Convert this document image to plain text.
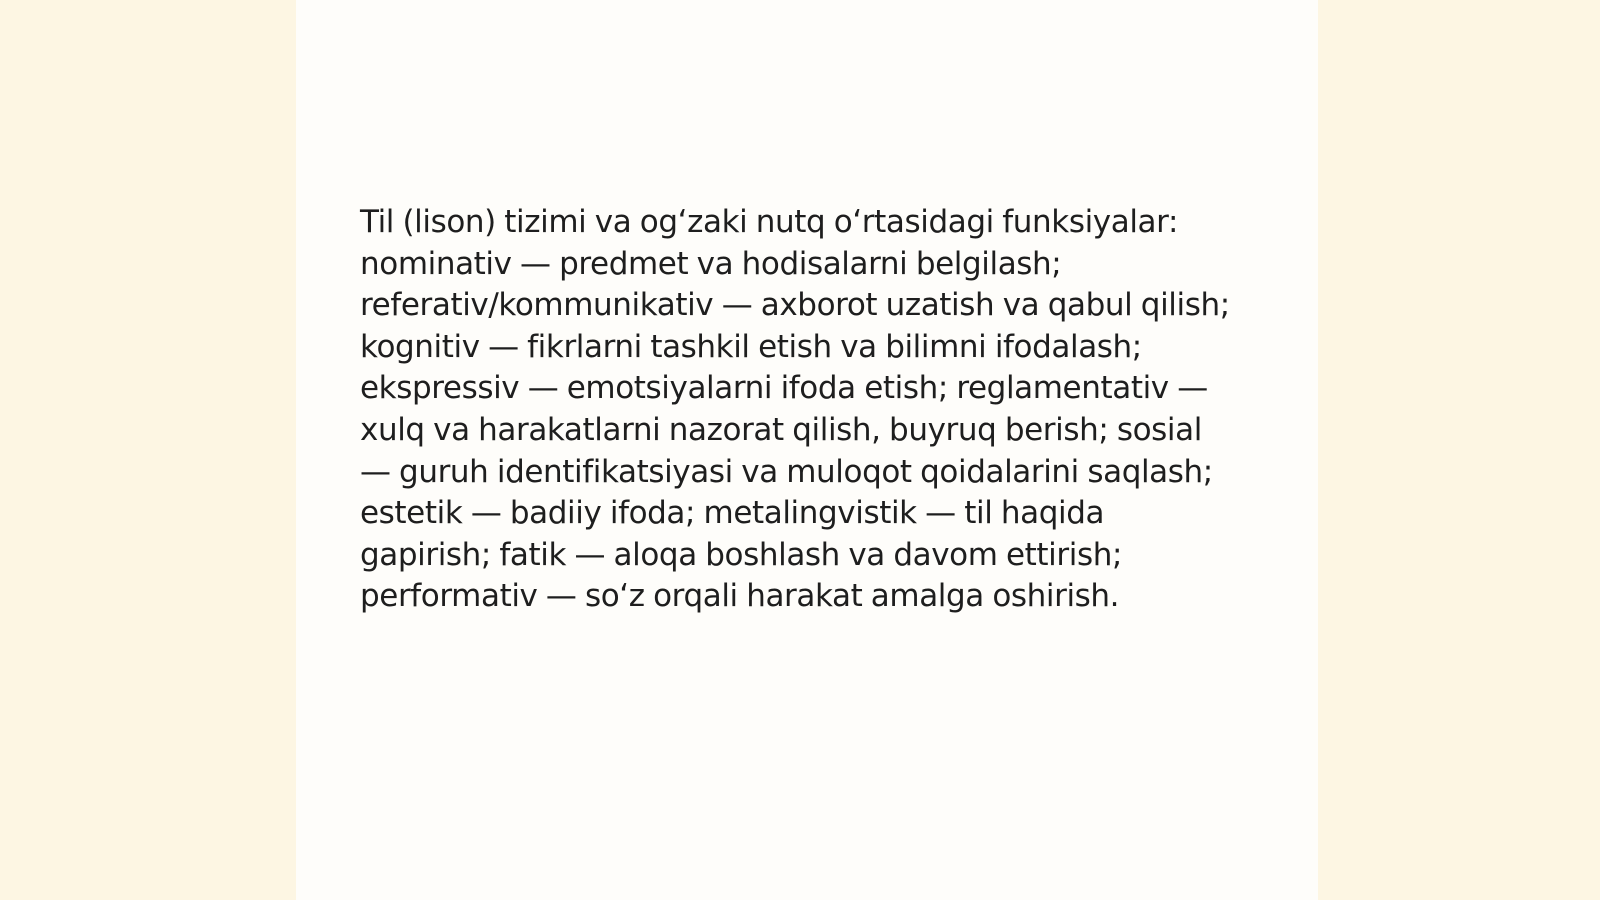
Til (lison) tizimi va ogʻzaki nutq oʻrtasidagi funksiyalar: nominativ — predmet va hodisalarni belgilash; referativ/kommunikativ — axborot uzatish va qabul qilish; kognitiv — fikrlarni tashkil etish va bilimni ifodalash; ekspressiv — emotsiyalarni ifoda etish; reglamentativ — xulq va harakatlarni nazorat qilish, buyruq berish; sosial — guruh identifikatsiyasi va muloqot qoidalarini saqlash; estetik — badiiy ifoda; metalingvistik — til haqida gapirish; fatik — aloqa boshlash va davom ettirish; performativ — soʻz orqali harakat amalga oshirish.
